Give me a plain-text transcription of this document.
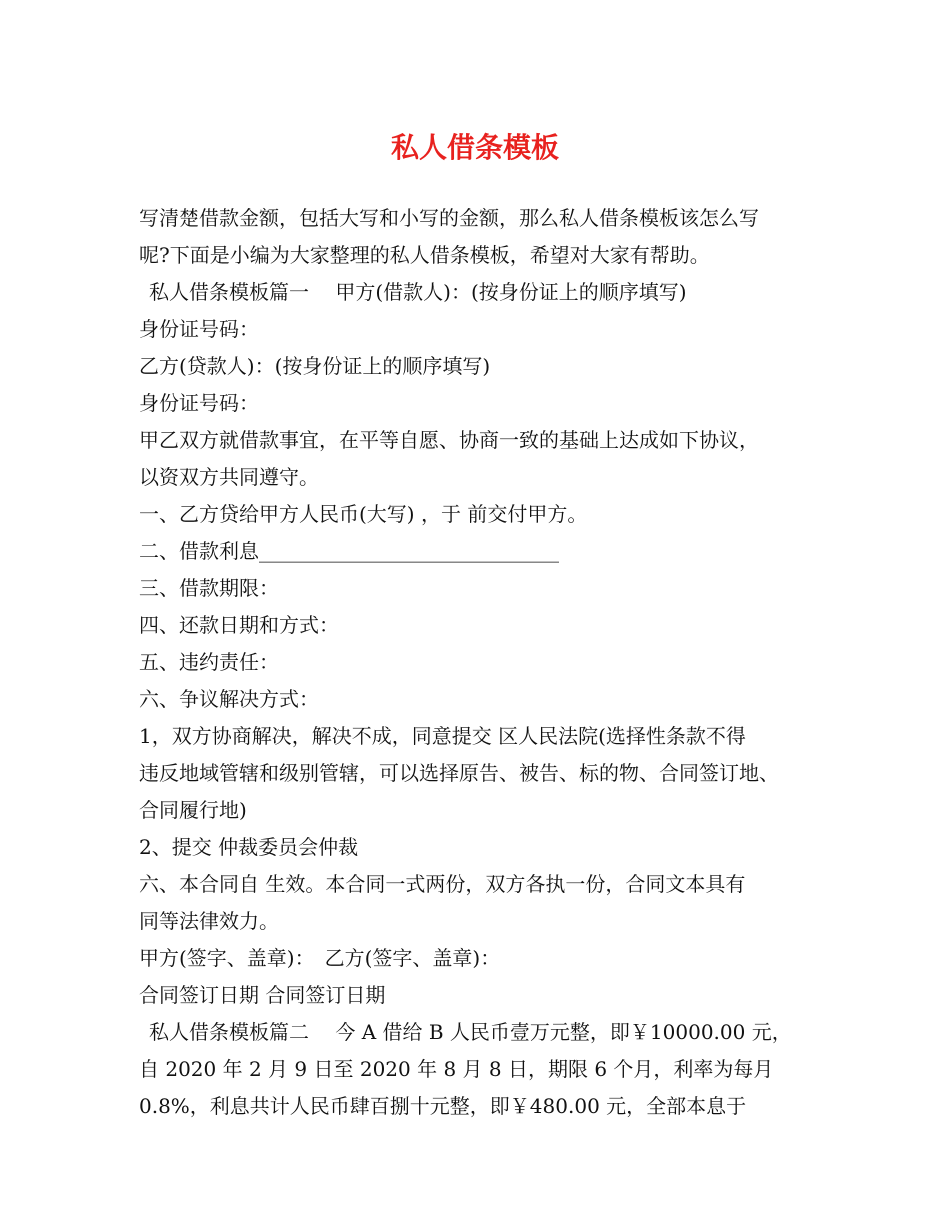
私人借条模板
写清楚借款金额，包括大写和小写的金额，那么私人借条模板该怎么写
呢?下面是小编为大家整理的私人借条模板，希望对大家有帮助。
私人借条模板篇一　 甲方(借款人)：(按身份证上的顺序填写)
身份证号码：
乙方(贷款人)：(按身份证上的顺序填写)
身份证号码：
甲乙双方就借款事宜，在平等自愿、协商一致的基础上达成如下协议，
以资双方共同遵守。
一、乙方贷给甲方人民币(大写) ，于 前交付甲方。
二、借款利息______________________________
三、借款期限：
四、还款日期和方式：
五、违约责任：
六、争议解决方式：
1，双方协商解决，解决不成，同意提交 区人民法院(选择性条款不得
违反地域管辖和级别管辖，可以选择原告、被告、标的物、合同签订地、
合同履行地)
2、提交 仲裁委员会仲裁
六、本合同自 生效。本合同一式两份，双方各执一份，合同文本具有
同等法律效力。
甲方(签字、盖章)：　乙方(签字、盖章)：
合同签订日期 合同签订日期
私人借条模板篇二　 今 A 借给 B 人民币壹万元整，即￥10000.00 元，
自 2020 年 2 月 9 日至 2020 年 8 月 8 日，期限 6 个月，利率为每月
0.8%，利息共计人民币肆百捌十元整，即￥480.00 元，全部本息于
